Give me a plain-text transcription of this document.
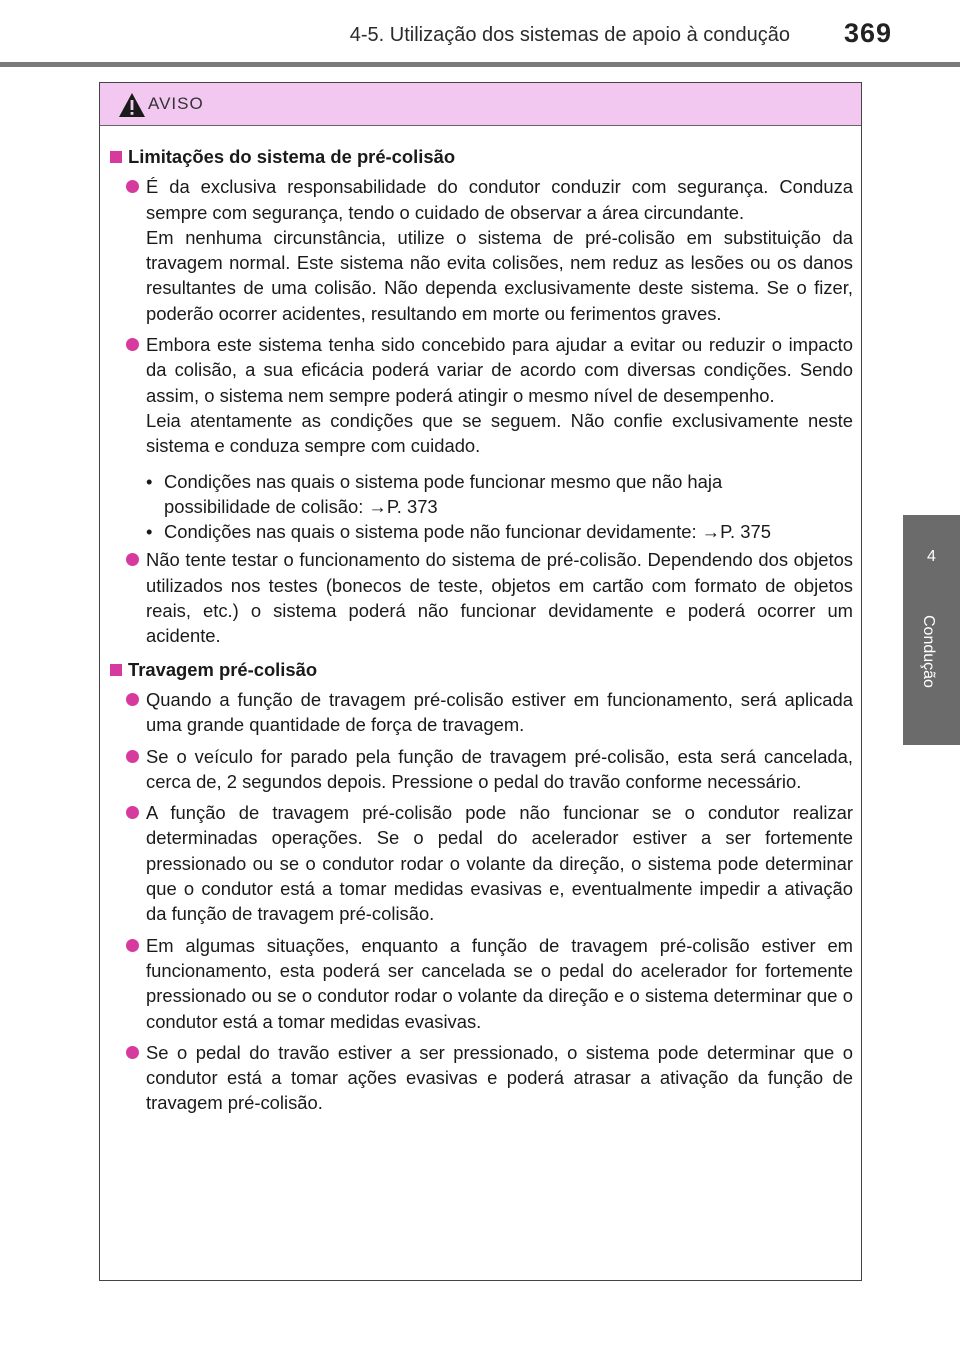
4-5. Utilização dos sistemas de apoio à condução 369
4
Condução
AVISO
Limitações do sistema de pré-colisão

É da exclusiva responsabilidade do condutor conduzir com segurança. Conduza sempre com segurança, tendo o cuidado de observar a área circundante.

Em nenhuma circunstância, utilize o sistema de pré-colisão em substituição da travagem normal. Este sistema não evita colisões, nem reduz as lesões ou os danos resultantes de uma colisão. Não dependa exclusivamente deste sistema. Se o fizer, poderão ocorrer acidentes, resultando em morte ou ferimentos graves.

Embora este sistema tenha sido concebido para ajudar a evitar ou reduzir o impacto da colisão, a sua eficácia poderá variar de acordo com diversas condições. Sendo assim, o sistema nem sempre poderá atingir o mesmo nível de desempenho.

Leia atentamente as condições que se seguem. Não confie exclusivamente neste sistema e conduza sempre com cuidado.

• Condições nas quais o sistema pode funcionar mesmo que não haja possibilidade de colisão: →P. 373

• Condições nas quais o sistema pode não funcionar devidamente: →P. 375

Não tente testar o funcionamento do sistema de pré-colisão. Dependendo dos objetos utilizados nos testes (bonecos de teste, objetos em cartão com formato de objetos reais, etc.) o sistema poderá não funcionar devidamente e poderá ocorrer um acidente.

Travagem pré-colisão

Quando a função de travagem pré-colisão estiver em funcionamento, será aplicada uma grande quantidade de força de travagem.

Se o veículo for parado pela função de travagem pré-colisão, esta será cancelada, cerca de, 2 segundos depois. Pressione o pedal do travão conforme necessário.

A função de travagem pré-colisão pode não funcionar se o condutor realizar determinadas operações. Se o pedal do acelerador estiver a ser fortemente pressionado ou se o condutor rodar o volante da direção, o sistema pode determinar que o condutor está a tomar medidas evasivas e, eventualmente impedir a ativação da função de travagem pré-colisão.

Em algumas situações, enquanto a função de travagem pré-colisão estiver em funcionamento, esta poderá ser cancelada se o pedal do acelerador for fortemente pressionado ou se o condutor rodar o volante da direção e o sistema determinar que o condutor está a tomar medidas evasivas.

Se o pedal do travão estiver a ser pressionado, o sistema pode determinar que o condutor está a tomar ações evasivas e poderá atrasar a ativação da função de travagem pré-colisão.
